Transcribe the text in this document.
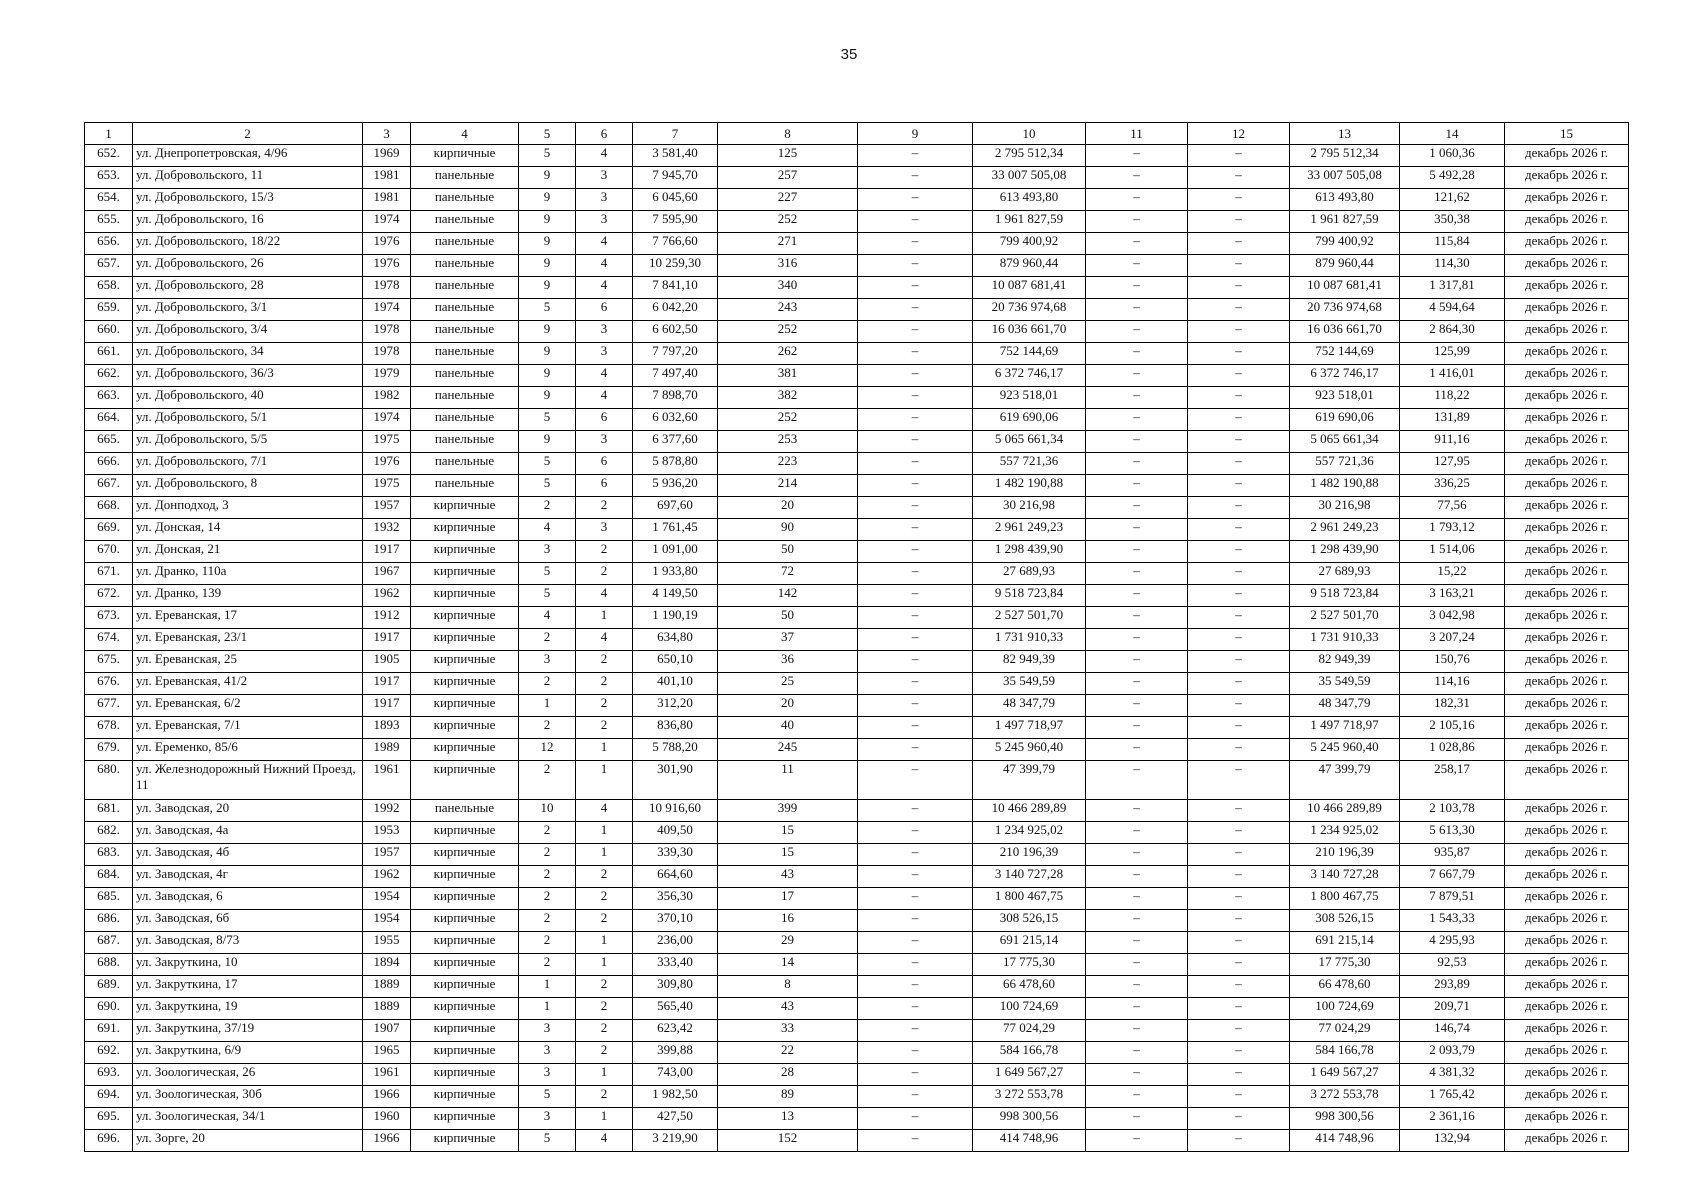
35
1	2	3	4	5	6	7	8	9	10	11	12	13	14	15
652.	ул. Днепропетровская, 4/96	1969	кирпичные	5	4	3 581,40	125	–	2 795 512,34	–	–	2 795 512,34	1 060,36	декабрь 2026 г.
653.	ул. Добровольского, 11	1981	панельные	9	3	7 945,70	257	–	33 007 505,08	–	–	33 007 505,08	5 492,28	декабрь 2026 г.
654.	ул. Добровольского, 15/3	1981	панельные	9	3	6 045,60	227	–	613 493,80	–	–	613 493,80	121,62	декабрь 2026 г.
655.	ул. Добровольского, 16	1974	панельные	9	3	7 595,90	252	–	1 961 827,59	–	–	1 961 827,59	350,38	декабрь 2026 г.
656.	ул. Добровольского, 18/22	1976	панельные	9	4	7 766,60	271	–	799 400,92	–	–	799 400,92	115,84	декабрь 2026 г.
657.	ул. Добровольского, 26	1976	панельные	9	4	10 259,30	316	–	879 960,44	–	–	879 960,44	114,30	декабрь 2026 г.
658.	ул. Добровольского, 28	1978	панельные	9	4	7 841,10	340	–	10 087 681,41	–	–	10 087 681,41	1 317,81	декабрь 2026 г.
659.	ул. Добровольского, 3/1	1974	панельные	5	6	6 042,20	243	–	20 736 974,68	–	–	20 736 974,68	4 594,64	декабрь 2026 г.
660.	ул. Добровольского, 3/4	1978	панельные	9	3	6 602,50	252	–	16 036 661,70	–	–	16 036 661,70	2 864,30	декабрь 2026 г.
661.	ул. Добровольского, 34	1978	панельные	9	3	7 797,20	262	–	752 144,69	–	–	752 144,69	125,99	декабрь 2026 г.
662.	ул. Добровольского, 36/3	1979	панельные	9	4	7 497,40	381	–	6 372 746,17	–	–	6 372 746,17	1 416,01	декабрь 2026 г.
663.	ул. Добровольского, 40	1982	панельные	9	4	7 898,70	382	–	923 518,01	–	–	923 518,01	118,22	декабрь 2026 г.
664.	ул. Добровольского, 5/1	1974	панельные	5	6	6 032,60	252	–	619 690,06	–	–	619 690,06	131,89	декабрь 2026 г.
665.	ул. Добровольского, 5/5	1975	панельные	9	3	6 377,60	253	–	5 065 661,34	–	–	5 065 661,34	911,16	декабрь 2026 г.
666.	ул. Добровольского, 7/1	1976	панельные	5	6	5 878,80	223	–	557 721,36	–	–	557 721,36	127,95	декабрь 2026 г.
667.	ул. Добровольского, 8	1975	панельные	5	6	5 936,20	214	–	1 482 190,88	–	–	1 482 190,88	336,25	декабрь 2026 г.
668.	ул. Донподход, 3	1957	кирпичные	2	2	697,60	20	–	30 216,98	–	–	30 216,98	77,56	декабрь 2026 г.
669.	ул. Донская, 14	1932	кирпичные	4	3	1 761,45	90	–	2 961 249,23	–	–	2 961 249,23	1 793,12	декабрь 2026 г.
670.	ул. Донская, 21	1917	кирпичные	3	2	1 091,00	50	–	1 298 439,90	–	–	1 298 439,90	1 514,06	декабрь 2026 г.
671.	ул. Дранко, 110а	1967	кирпичные	5	2	1 933,80	72	–	27 689,93	–	–	27 689,93	15,22	декабрь 2026 г.
672.	ул. Дранко, 139	1962	кирпичные	5	4	4 149,50	142	–	9 518 723,84	–	–	9 518 723,84	3 163,21	декабрь 2026 г.
673.	ул. Ереванская, 17	1912	кирпичные	4	1	1 190,19	50	–	2 527 501,70	–	–	2 527 501,70	3 042,98	декабрь 2026 г.
674.	ул. Ереванская, 23/1	1917	кирпичные	2	4	634,80	37	–	1 731 910,33	–	–	1 731 910,33	3 207,24	декабрь 2026 г.
675.	ул. Ереванская, 25	1905	кирпичные	3	2	650,10	36	–	82 949,39	–	–	82 949,39	150,76	декабрь 2026 г.
676.	ул. Ереванская, 41/2	1917	кирпичные	2	2	401,10	25	–	35 549,59	–	–	35 549,59	114,16	декабрь 2026 г.
677.	ул. Ереванская, 6/2	1917	кирпичные	1	2	312,20	20	–	48 347,79	–	–	48 347,79	182,31	декабрь 2026 г.
678.	ул. Ереванская, 7/1	1893	кирпичные	2	2	836,80	40	–	1 497 718,97	–	–	1 497 718,97	2 105,16	декабрь 2026 г.
679.	ул. Еременко, 85/6	1989	кирпичные	12	1	5 788,20	245	–	5 245 960,40	–	–	5 245 960,40	1 028,86	декабрь 2026 г.
680.	ул. Железнодорожный Нижний Проезд, 11	1961	кирпичные	2	1	301,90	11	–	47 399,79	–	–	47 399,79	258,17	декабрь 2026 г.
681.	ул. Заводская, 20	1992	панельные	10	4	10 916,60	399	–	10 466 289,89	–	–	10 466 289,89	2 103,78	декабрь 2026 г.
682.	ул. Заводская, 4а	1953	кирпичные	2	1	409,50	15	–	1 234 925,02	–	–	1 234 925,02	5 613,30	декабрь 2026 г.
683.	ул. Заводская, 4б	1957	кирпичные	2	1	339,30	15	–	210 196,39	–	–	210 196,39	935,87	декабрь 2026 г.
684.	ул. Заводская, 4г	1962	кирпичные	2	2	664,60	43	–	3 140 727,28	–	–	3 140 727,28	7 667,79	декабрь 2026 г.
685.	ул. Заводская, 6	1954	кирпичные	2	2	356,30	17	–	1 800 467,75	–	–	1 800 467,75	7 879,51	декабрь 2026 г.
686.	ул. Заводская, 6б	1954	кирпичные	2	2	370,10	16	–	308 526,15	–	–	308 526,15	1 543,33	декабрь 2026 г.
687.	ул. Заводская, 8/73	1955	кирпичные	2	1	236,00	29	–	691 215,14	–	–	691 215,14	4 295,93	декабрь 2026 г.
688.	ул. Закруткина, 10	1894	кирпичные	2	1	333,40	14	–	17 775,30	–	–	17 775,30	92,53	декабрь 2026 г.
689.	ул. Закруткина, 17	1889	кирпичные	1	2	309,80	8	–	66 478,60	–	–	66 478,60	293,89	декабрь 2026 г.
690.	ул. Закруткина, 19	1889	кирпичные	1	2	565,40	43	–	100 724,69	–	–	100 724,69	209,71	декабрь 2026 г.
691.	ул. Закруткина, 37/19	1907	кирпичные	3	2	623,42	33	–	77 024,29	–	–	77 024,29	146,74	декабрь 2026 г.
692.	ул. Закруткина, 6/9	1965	кирпичные	3	2	399,88	22	–	584 166,78	–	–	584 166,78	2 093,79	декабрь 2026 г.
693.	ул. Зоологическая, 26	1961	кирпичные	3	1	743,00	28	–	1 649 567,27	–	–	1 649 567,27	4 381,32	декабрь 2026 г.
694.	ул. Зоологическая, 30б	1966	кирпичные	5	2	1 982,50	89	–	3 272 553,78	–	–	3 272 553,78	1 765,42	декабрь 2026 г.
695.	ул. Зоологическая, 34/1	1960	кирпичные	3	1	427,50	13	–	998 300,56	–	–	998 300,56	2 361,16	декабрь 2026 г.
696.	ул. Зорге, 20	1966	кирпичные	5	4	3 219,90	152	–	414 748,96	–	–	414 748,96	132,94	декабрь 2026 г.
